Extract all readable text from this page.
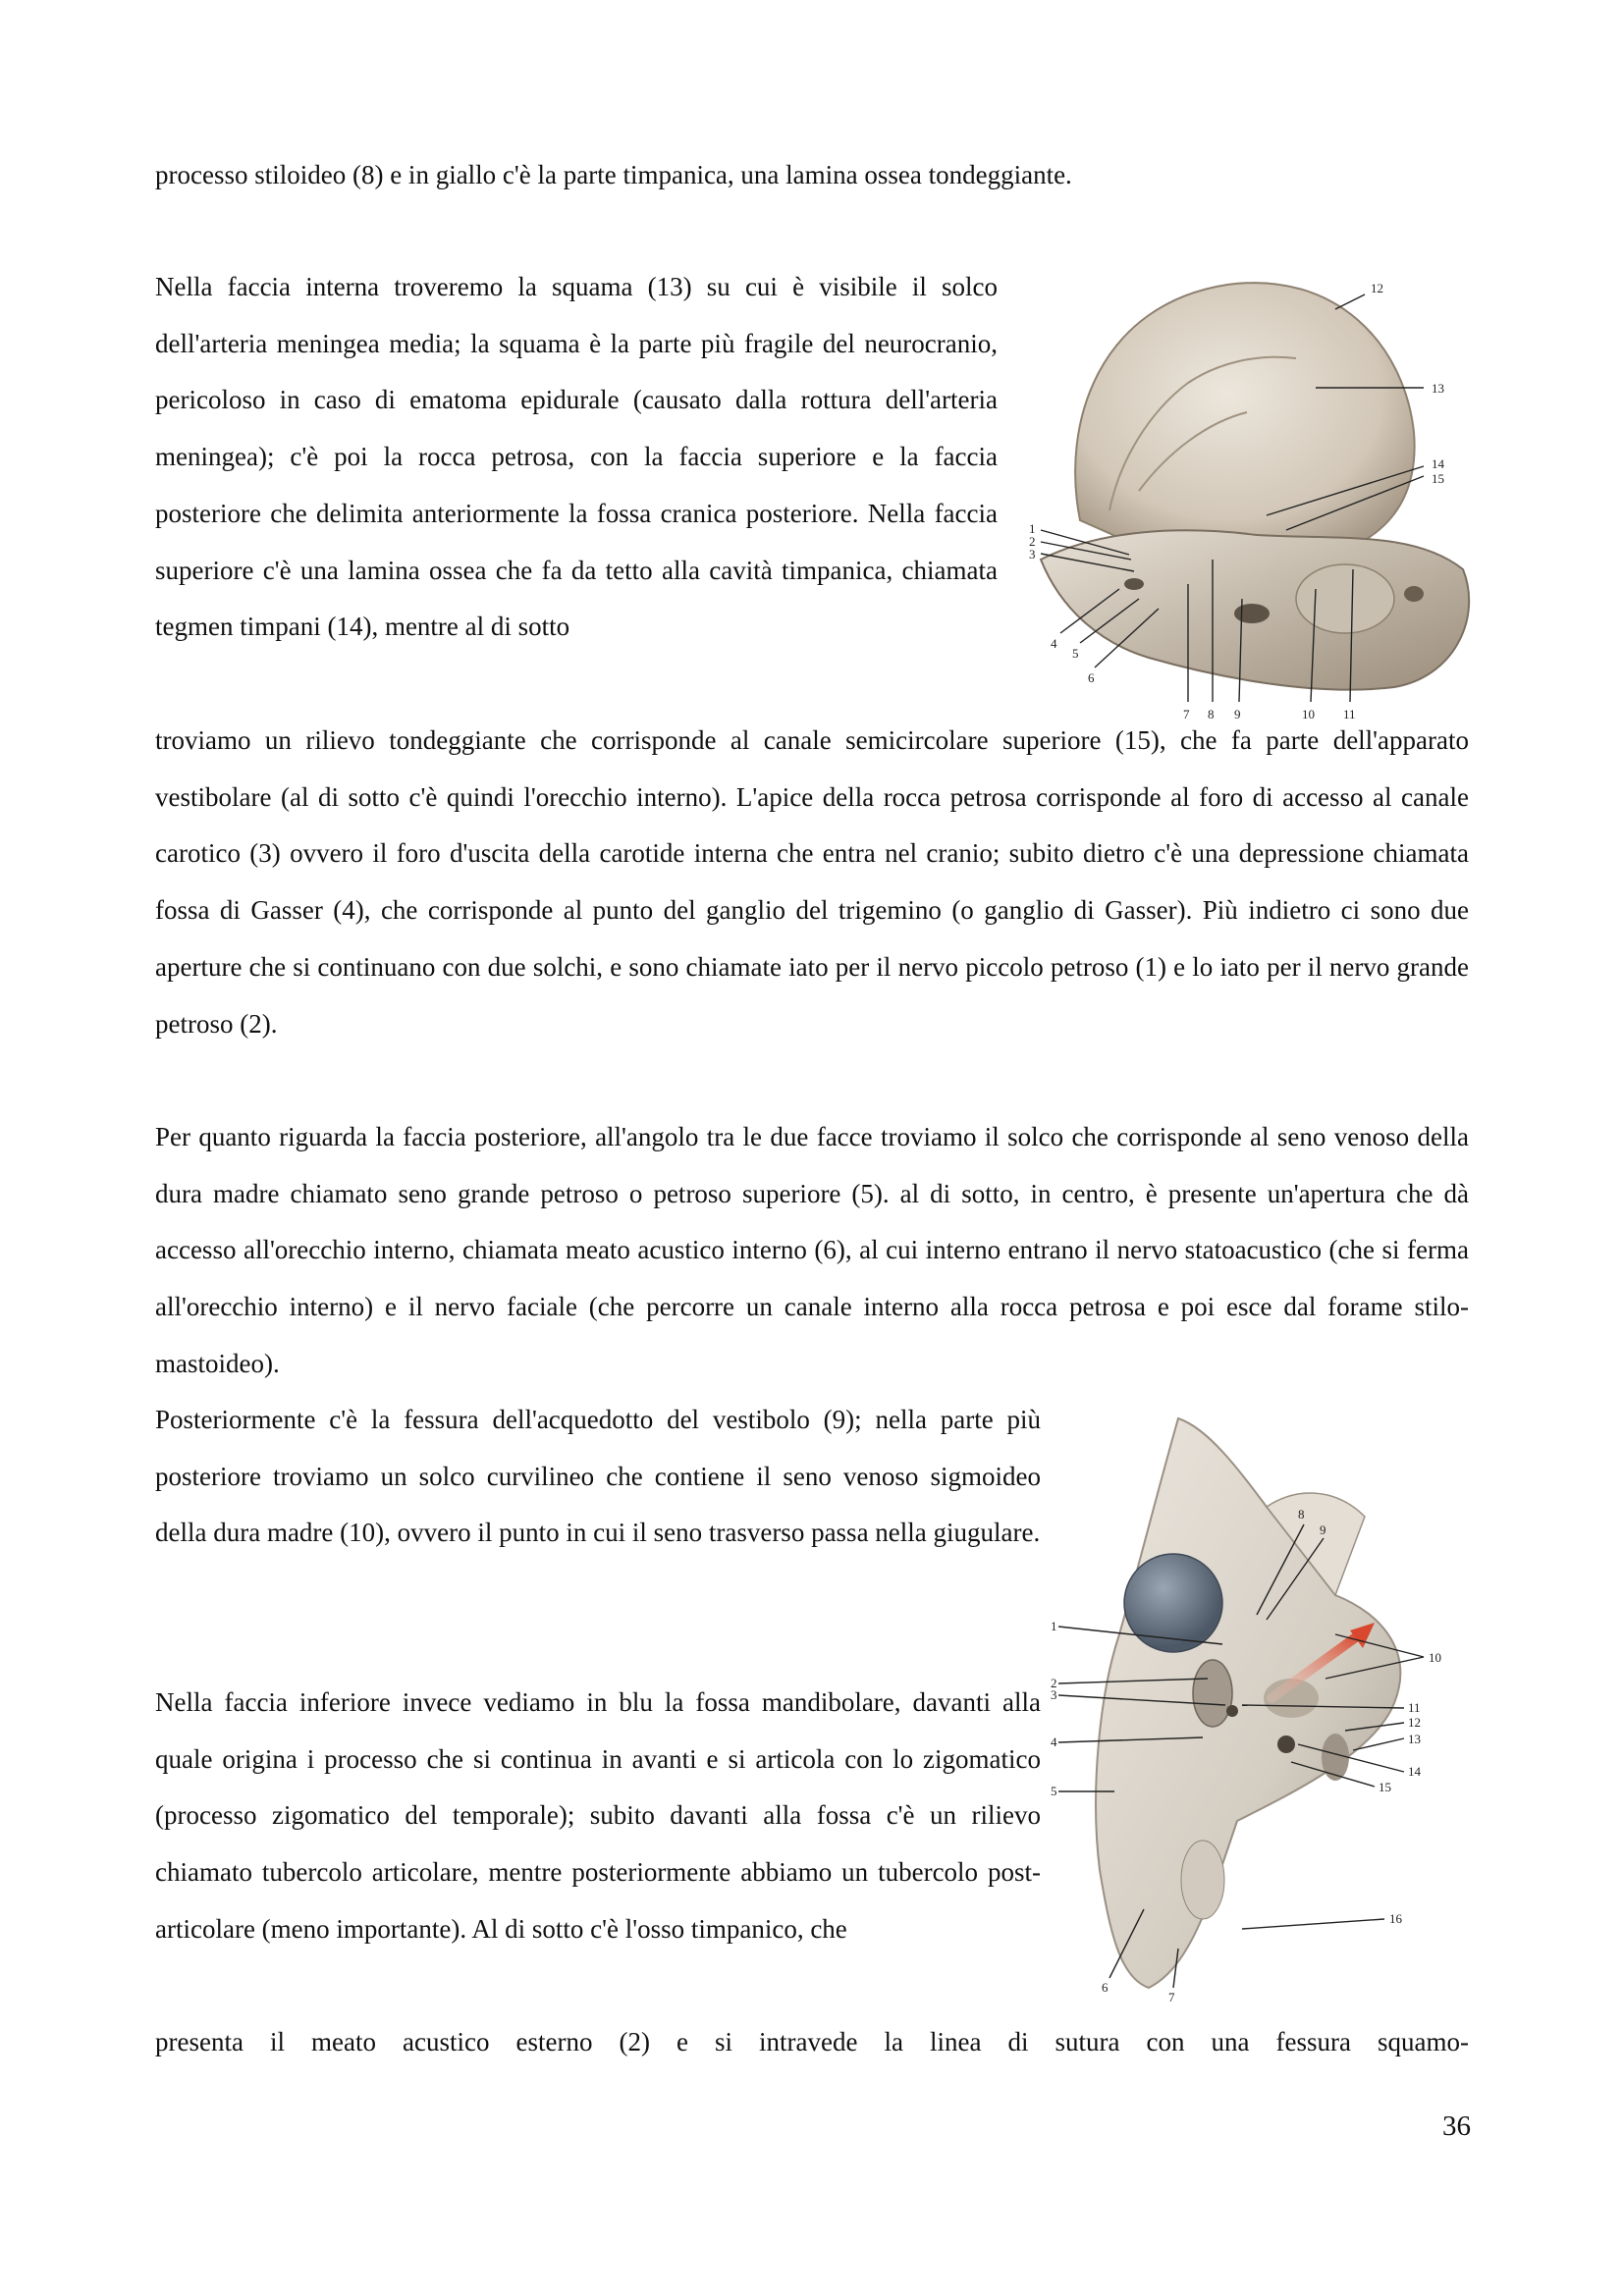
processo stiloideo (8) e in giallo c'è la parte timpanica, una lamina ossea tondeggiante.

Nella faccia interna troveremo la squama (13) su cui è visibile il solco dell'arteria meningea media; la squama è la parte più fragile del neurocranio, pericoloso in caso di ematoma epidurale (causato dalla rottura dell'arteria meningea); c'è poi la rocca petrosa, con la faccia superiore e la faccia posteriore che delimita anteriormente la fossa cranica posteriore. Nella faccia superiore c'è una lamina ossea che fa da tetto alla cavità timpanica, chiamata tegmen timpani (14), mentre al di sotto

troviamo un rilievo tondeggiante che corrisponde al canale semicircolare superiore (15), che fa parte dell'apparato vestibolare (al di sotto c'è quindi l'orecchio interno). L'apice della rocca petrosa corrisponde al foro di accesso al canale carotico (3) ovvero il foro d'uscita della carotide interna che entra nel cranio; subito dietro c'è una depressione chiamata fossa di Gasser (4), che corrisponde al punto del ganglio del trigemino (o ganglio di Gasser). Più indietro ci sono due aperture che si continuano con due solchi, e sono chiamate iato per il nervo piccolo petroso (1) e lo iato per il nervo grande petroso (2).

Per quanto riguarda la faccia posteriore, all'angolo tra le due facce troviamo il solco che corrisponde al seno venoso della dura madre chiamato seno grande petroso o petroso superiore (5). al di sotto, in centro, è presente un'apertura che dà accesso all'orecchio interno, chiamata meato acustico interno (6), al cui interno entrano il nervo statoacustico (che si ferma all'orecchio interno) e il nervo faciale (che percorre un canale interno alla rocca petrosa e poi esce dal forame stilo-mastoideo).

Posteriormente c'è la fessura dell'acquedotto del vestibolo (9); nella parte più posteriore troviamo un solco curvilineo che contiene il seno venoso sigmoideo della dura madre (10), ovvero il punto in cui il seno trasverso passa nella giugulare.

Nella faccia inferiore invece vediamo in blu la fossa mandibolare, davanti alla quale origina i processo che si continua in avanti e si articola con lo zigomatico (processo zigomatico del temporale); subito davanti alla fossa c'è un rilievo chiamato tubercolo articolare, mentre posteriormente abbiamo un tubercolo post-articolare (meno importante). Al di sotto c'è l'osso timpanico, che

presenta il meato acustico esterno (2) e si intravede la linea di sutura con una fessura squamo-

12
13
14
15
1
2
3
4
5
6
7 8 9	10 11
8
9
1
10
2
3
11
12
4	13
14
5	15
16
6
7
36
